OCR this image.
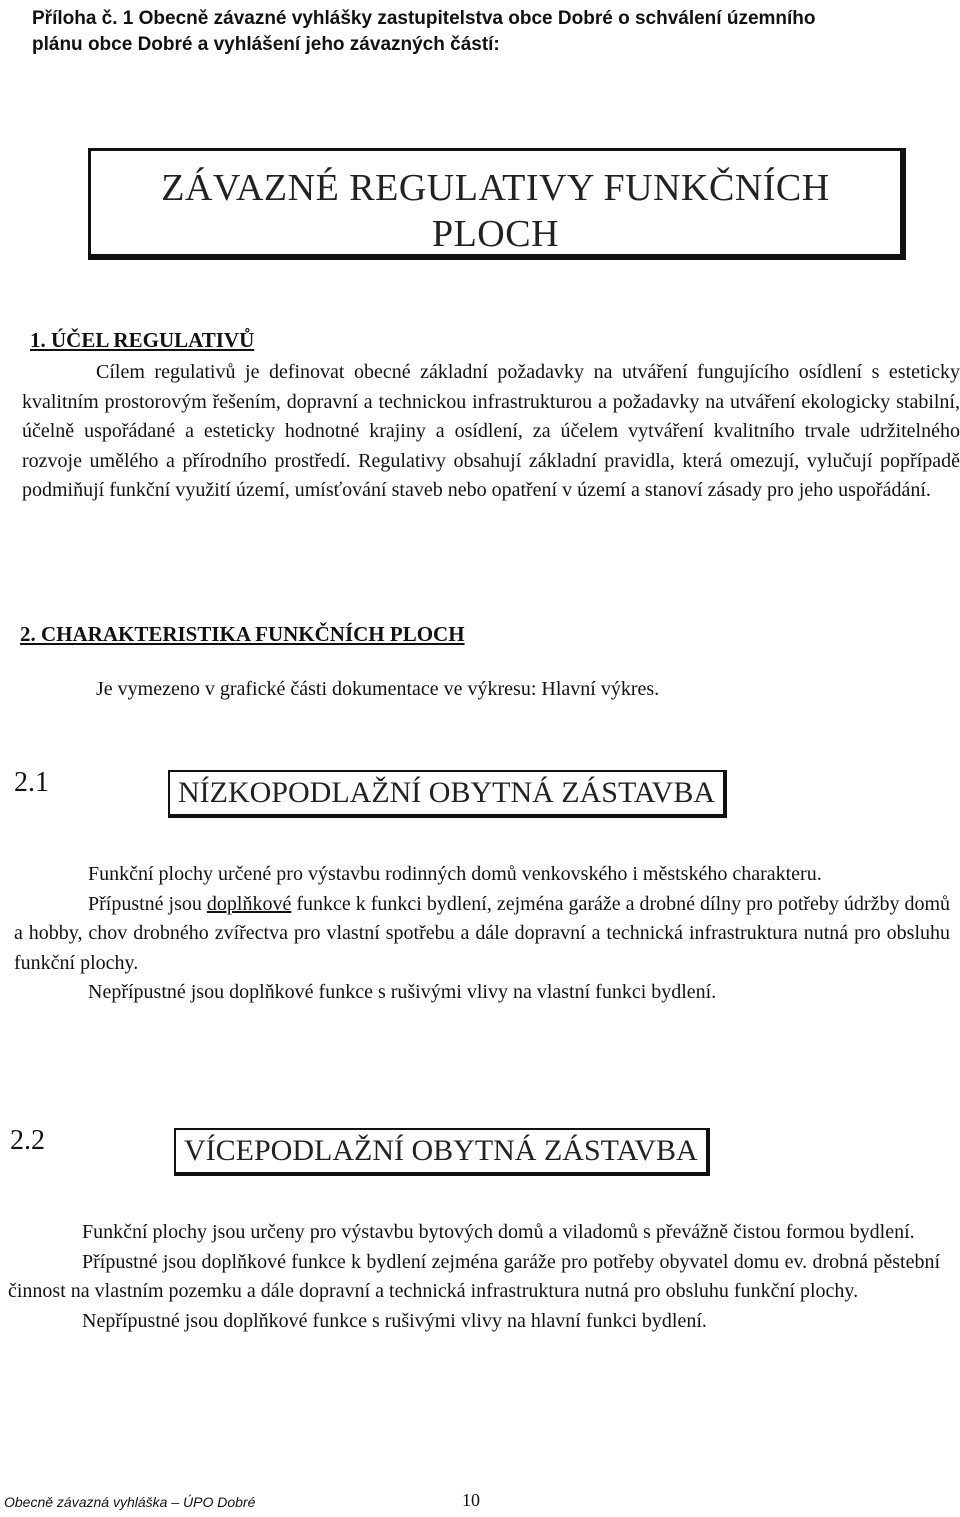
Příloha č. 1 Obecně závazné vyhlášky zastupitelstva obce Dobré o schválení územního
plánu obce Dobré a vyhlášení jeho závazných částí:
ZÁVAZNÉ REGULATIVY FUNKČNÍCH
PLOCH
1. ÚČEL REGULATIVŮ

Cílem regulativů je definovat obecné základní požadavky na utváření fungujícího osídlení s esteticky kvalitním prostorovým řešením, dopravní a technickou infrastrukturou a požadavky na utváření ekologicky stabilní, účelně uspořádané a esteticky hodnotné krajiny a osídlení, za účelem vytváření kvalitního trvale udržitelného rozvoje umělého a přírodního prostředí. Regulativy obsahují základní pravidla, která omezují, vylučují popřípadě podmiňují funkční využití území, umísťování staveb nebo opatření v území a stanoví zásady pro jeho uspořádání.

2. CHARAKTERISTIKA FUNKČNÍCH PLOCH
Je vymezeno v grafické části dokumentace ve výkresu: Hlavní výkres.
2.1	NÍZKOPODLAŽNÍ OBYTNÁ ZÁSTAVBA

Funkční plochy určené pro výstavbu rodinných domů venkovského i městského charakteru.

Přípustné jsou doplňkové funkce k funkci bydlení, zejména garáže a drobné dílny pro potřeby údržby domů a hobby, chov drobného zvířectva pro vlastní spotřebu a dále dopravní a technická infrastruktura nutná pro obsluhu funkční plochy.

Nepřípustné jsou doplňkové funkce s rušivými vlivy na vlastní funkci bydlení.

2.2	VÍCEPODLAŽNÍ OBYTNÁ ZÁSTAVBA

Funkční plochy jsou určeny pro výstavbu bytových domů a viladomů s převážně čistou formou bydlení.

Přípustné jsou doplňkové funkce k bydlení zejména garáže pro potřeby obyvatel domu ev. drobná pěstební činnost na vlastním pozemku a dále dopravní a technická infrastruktura nutná pro obsluhu funkční plochy.

Nepřípustné jsou doplňkové funkce s rušivými vlivy na hlavní funkci bydlení.

Obecně závazná vyhláška – ÚPO Dobré	10
